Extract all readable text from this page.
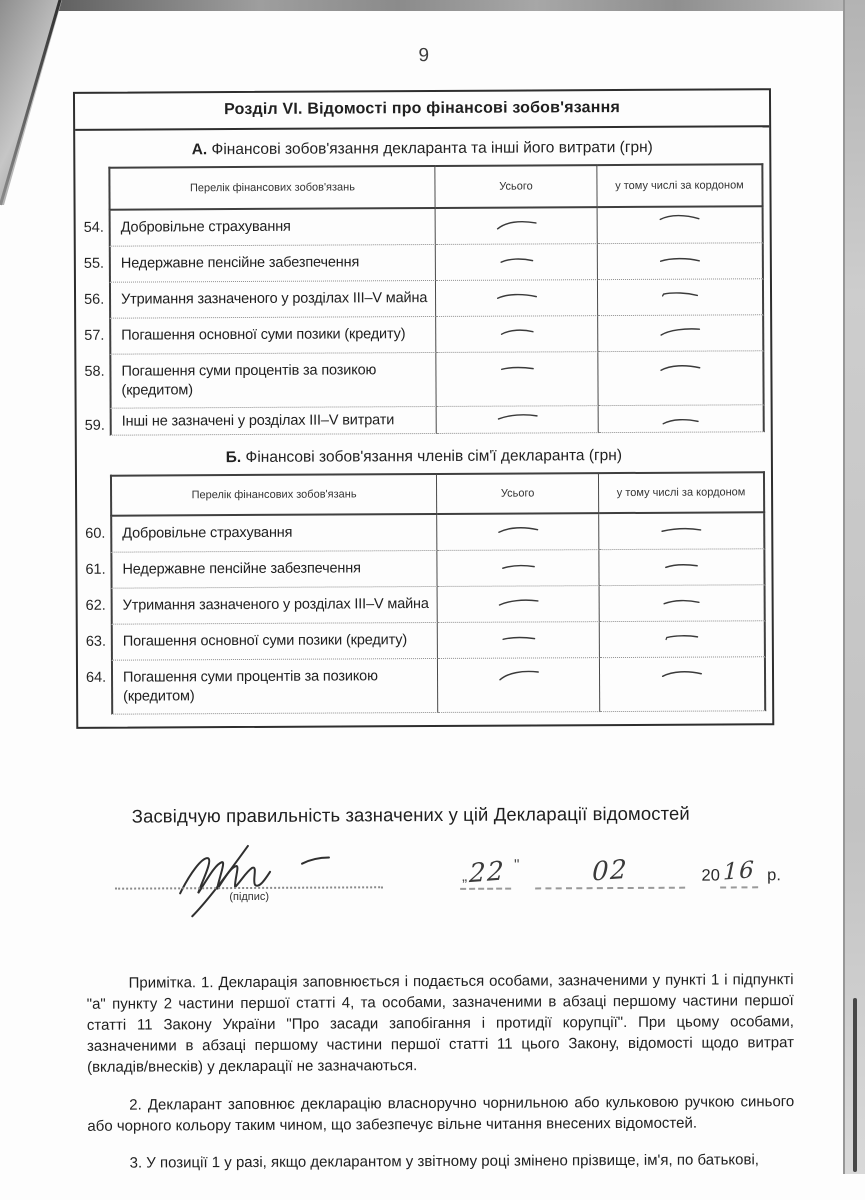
9
Розділ VI. Відомості про фінансові зобов'язання
А. Фінансові зобов'язання декларанта та інші його витрати (грн)
Перелік фінансових зобов'язань	Усього	у тому числі за кордоном
54.	Добровільне страхування
55.	Недержавне пенсійне забезпечення
56.	Утримання зазначеного у розділах III–V майна
57.	Погашення основної суми позики (кредиту)
58.	Погашення суми процентів за позикою (кредитом)
59.	Інші не зазначені у розділах III–V витрати
Б. Фінансові зобов'язання членів сім'ї декларанта (грн)
Перелік фінансових зобов'язань	Усього	у тому числі за кордоном
60.	Добровільне страхування
61.	Недержавне пенсійне забезпечення
62.	Утримання зазначеного у розділах III–V майна
63.	Погашення основної суми позики (кредиту)
64.	Погашення суми процентів за позикою (кредитом)
Засвідчую правильність зазначених у цій Декларації відомостей
(підпис)
„ 22 "	02	20 16 р.

Примітка. 1. Декларація заповнюється і подається особами, зазначеними у пункті 1 і підпункті "а" пункту 2 частини першої статті 4, та особами, зазначеними в абзаці першому частини першої статті 11 Закону України "Про засади запобігання і протидії корупції". При цьому особами, зазначеними в абзаці першому частини першої статті 11 цього Закону, відомості щодо витрат (вкладів/внесків) у декларації не зазначаються.

2. Декларант заповнює декларацію власноручно чорнильною або кульковою ручкою синього або чорного кольору таким чином, що забезпечує вільне читання внесених відомостей.

3. У позиції 1 у разі, якщо декларантом у звітному році змінено прізвище, ім'я, по батькові,
